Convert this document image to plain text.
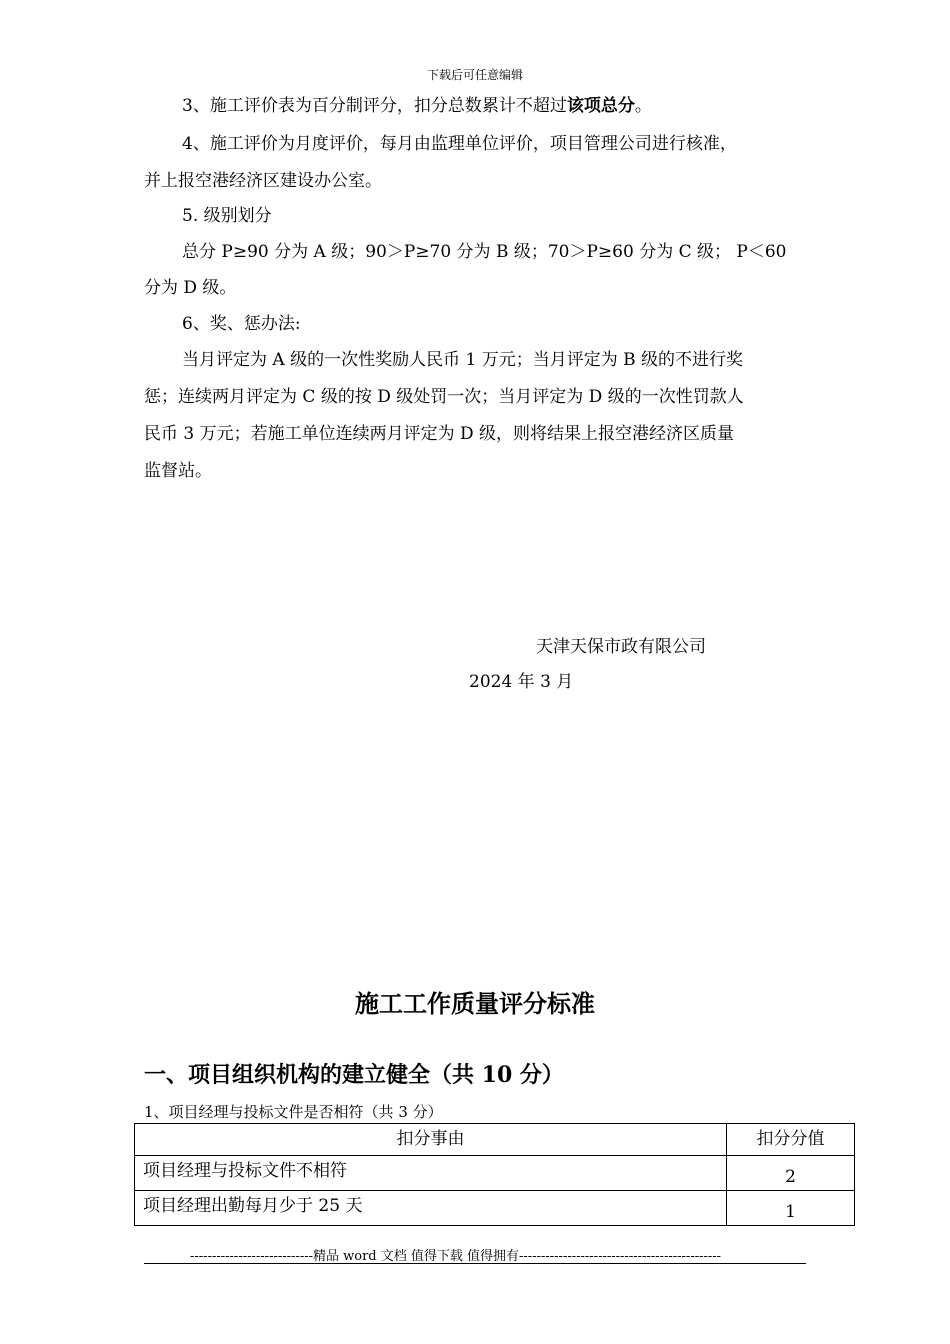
下载后可任意编辑
3、施工评价表为百分制评分，扣分总数累计不超过该项总分。
4、施工评价为月度评价，每月由监理单位评价，项目管理公司进行核准，
并上报空港经济区建设办公室。
5. 级别划分
总分 P≥90 分为 A 级；90＞P≥70 分为 B 级；70＞P≥60 分为 C 级； P＜60
分为 D 级。
6、奖、惩办法:
当月评定为 A 级的一次性奖励人民币 1 万元；当月评定为 B 级的不进行奖
惩；连续两月评定为 C 级的按 D 级处罚一次；当月评定为 D 级的一次性罚款人
民币 3 万元；若施工单位连续两月评定为 D 级，则将结果上报空港经济区质量
监督站。
天津天保市政有限公司
2024 年 3 月
施工工作质量评分标准
一、项目组织机构的建立健全（共 10 分）
1、项目经理与投标文件是否相符（共 3 分）
扣分事由	扣分分值
项目经理与投标文件不相符	2
项目经理出勤每月少于 25 天	1
----------------------------精品 word 文档 值得下载 值得拥有----------------------------------------------
